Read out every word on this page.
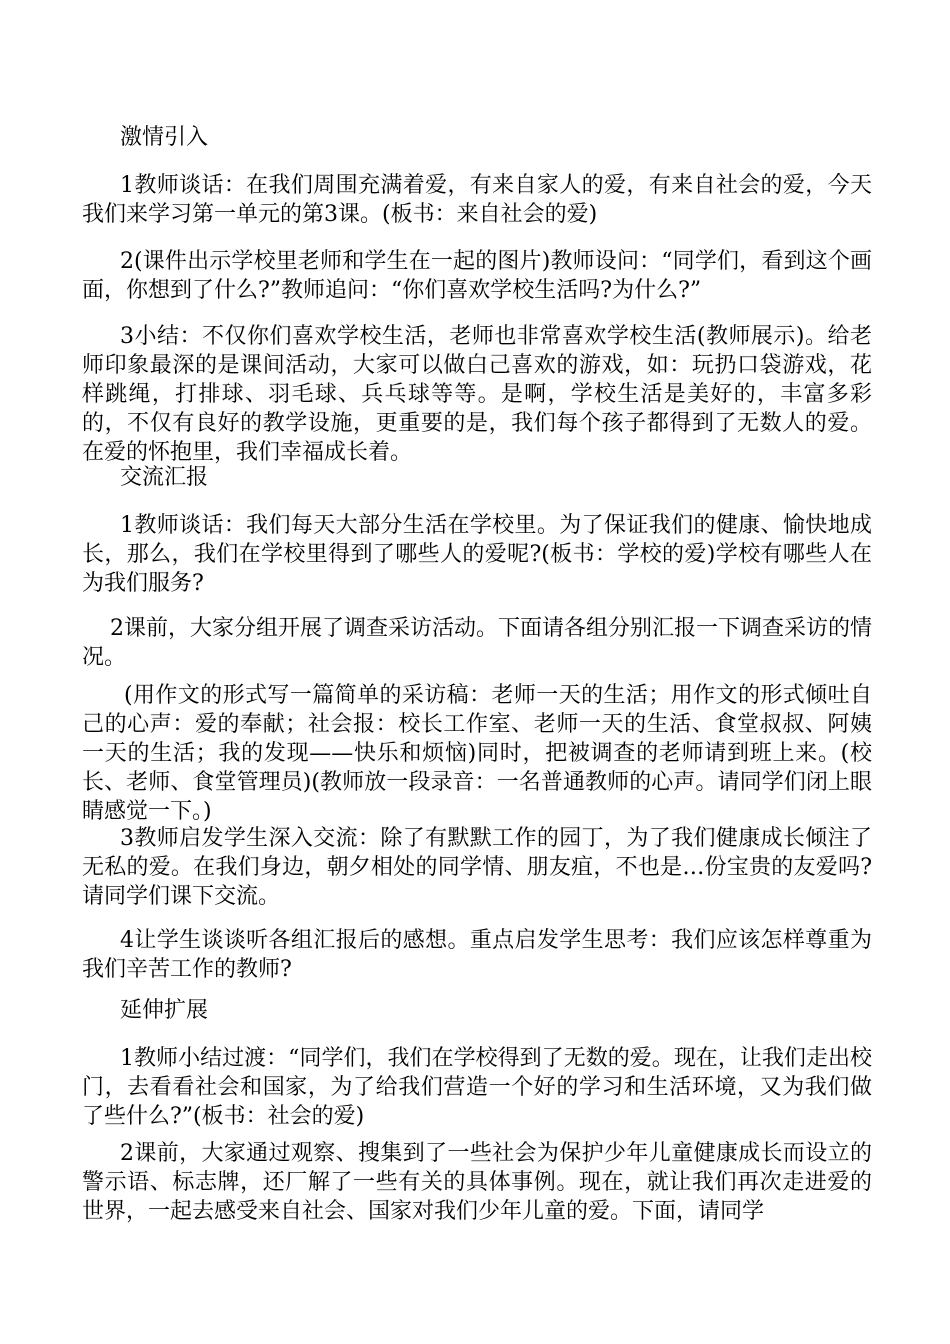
激情引入
1教师谈话：在我们周围充满着爱，有来自家人的爱，有来自社会的爱，今天我们来学习第一单元的第3课。(板书：来自社会的爱)
2(课件出示学校里老师和学生在一起的图片)教师设问：“同学们，看到这个画面，你想到了什么?”教师追问：“你们喜欢学校生活吗?为什么?”
3小结：不仅你们喜欢学校生活，老师也非常喜欢学校生活(教师展示)。给老师印象最深的是课间活动，大家可以做白己喜欢的游戏，如：玩扔口袋游戏，花样跳绳，打排球、羽毛球、兵乓球等等。是啊，学校生活是美好的，丰富多彩的，不仅有良好的教学设施，更重要的是，我们每个孩子都得到了无数人的爱。在爱的怀抱里，我们幸福成长着。
交流汇报
1教师谈话：我们每天大部分生活在学校里。为了保证我们的健康、愉快地成长，那么，我们在学校里得到了哪些人的爱呢?(板书：学校的爱)学校有哪些人在为我们服务?
2课前，大家分组开展了调查采访活动。下面请各组分别汇报一下调查采访的情况。
(用作文的形式写一篇简单的采访稿：老师一天的生活；用作文的形式倾吐自己的心声：爱的奉献；社会报：校长工作室、老师一天的生活、食堂叔叔、阿姨一天的生活；我的发现——快乐和烦恼)同时，把被调查的老师请到班上来。(校长、老师、食堂管理员)(教师放一段录音：一名普通教师的心声。请同学们闭上眼睛感觉一下。)
3教师启发学生深入交流：除了有默默工作的园丁，为了我们健康成长倾注了无私的爱。在我们身边，朝夕相处的同学情、朋友疽，不也是…份宝贵的友爱吗?请同学们课下交流。
4让学生谈谈听各组汇报后的感想。重点启发学生思考：我们应该怎样尊重为我们辛苦工作的教师?
延伸扩展
1教师小结过渡：“同学们，我们在学校得到了无数的爱。现在，让我们走出校门，去看看社会和国家，为了给我们营造一个好的学习和生活环境，又为我们做了些什么?”(板书：社会的爱)
2课前，大家通过观察、搜集到了一些社会为保护少年儿童健康成长而设立的警示语、标志牌，还厂解了一些有关的具体事例。现在，就让我们再次走进爱的世界，一起去感受来自社会、国家对我们少年儿童的爱。下面，请同学
